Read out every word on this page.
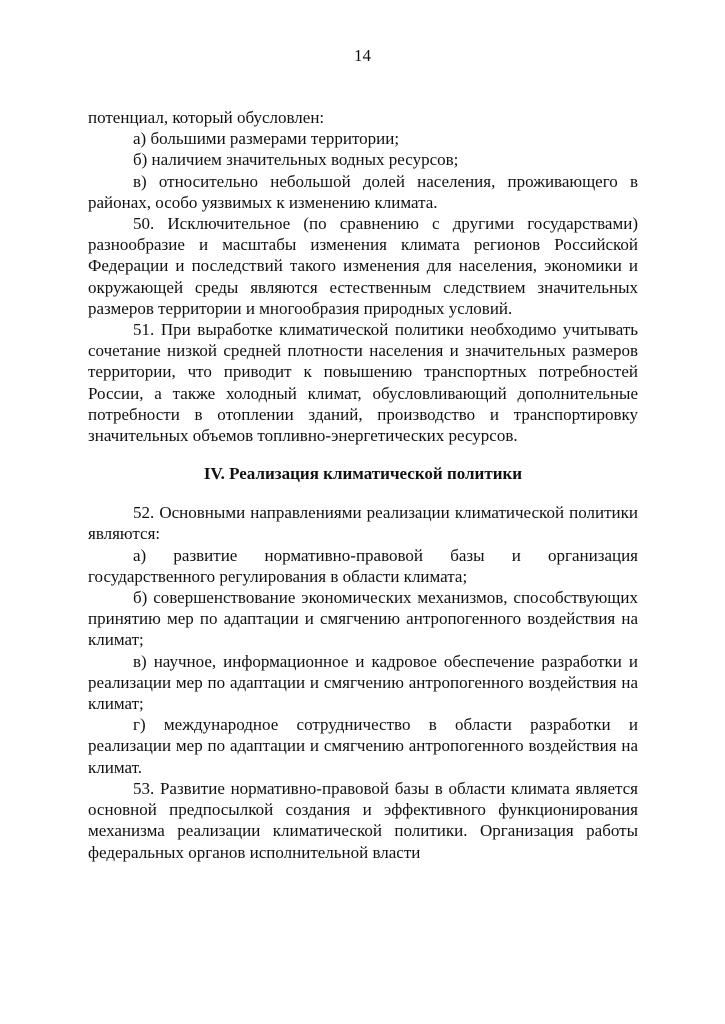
14

потенциал, который обусловлен:

а) большими размерами территории;

б) наличием значительных водных ресурсов;

в) относительно небольшой долей населения, проживающего в районах, особо уязвимых к изменению климата.

50. Исключительное (по сравнению с другими государствами) разнообразие и масштабы изменения климата регионов Российской Федерации и последствий такого изменения для населения, экономики и окружающей среды являются естественным следствием значительных размеров территории и многообразия природных условий.

51. При выработке климатической политики необходимо учитывать сочетание низкой средней плотности населения и значительных размеров территории, что приводит к повышению транспортных потребностей России, а также холодный климат, обусловливающий дополнительные потребности в отоплении зданий, производство и транспортировку значительных объемов топливно-энергетических ресурсов.

IV. Реализация климатической политики

52. Основными направлениями реализации климатической политики являются:

а) развитие нормативно-правовой базы и организация государственного регулирования в области климата;

б) совершенствование экономических механизмов, способствующих принятию мер по адаптации и смягчению антропогенного воздействия на климат;

в) научное, информационное и кадровое обеспечение разработки и реализации мер по адаптации и смягчению антропогенного воздействия на климат;

г) международное сотрудничество в области разработки и реализации мер по адаптации и смягчению антропогенного воздействия на климат.

53. Развитие нормативно-правовой базы в области климата является основной предпосылкой создания и эффективного функционирования механизма реализации климатической политики. Организация работы федеральных органов исполнительной власти
